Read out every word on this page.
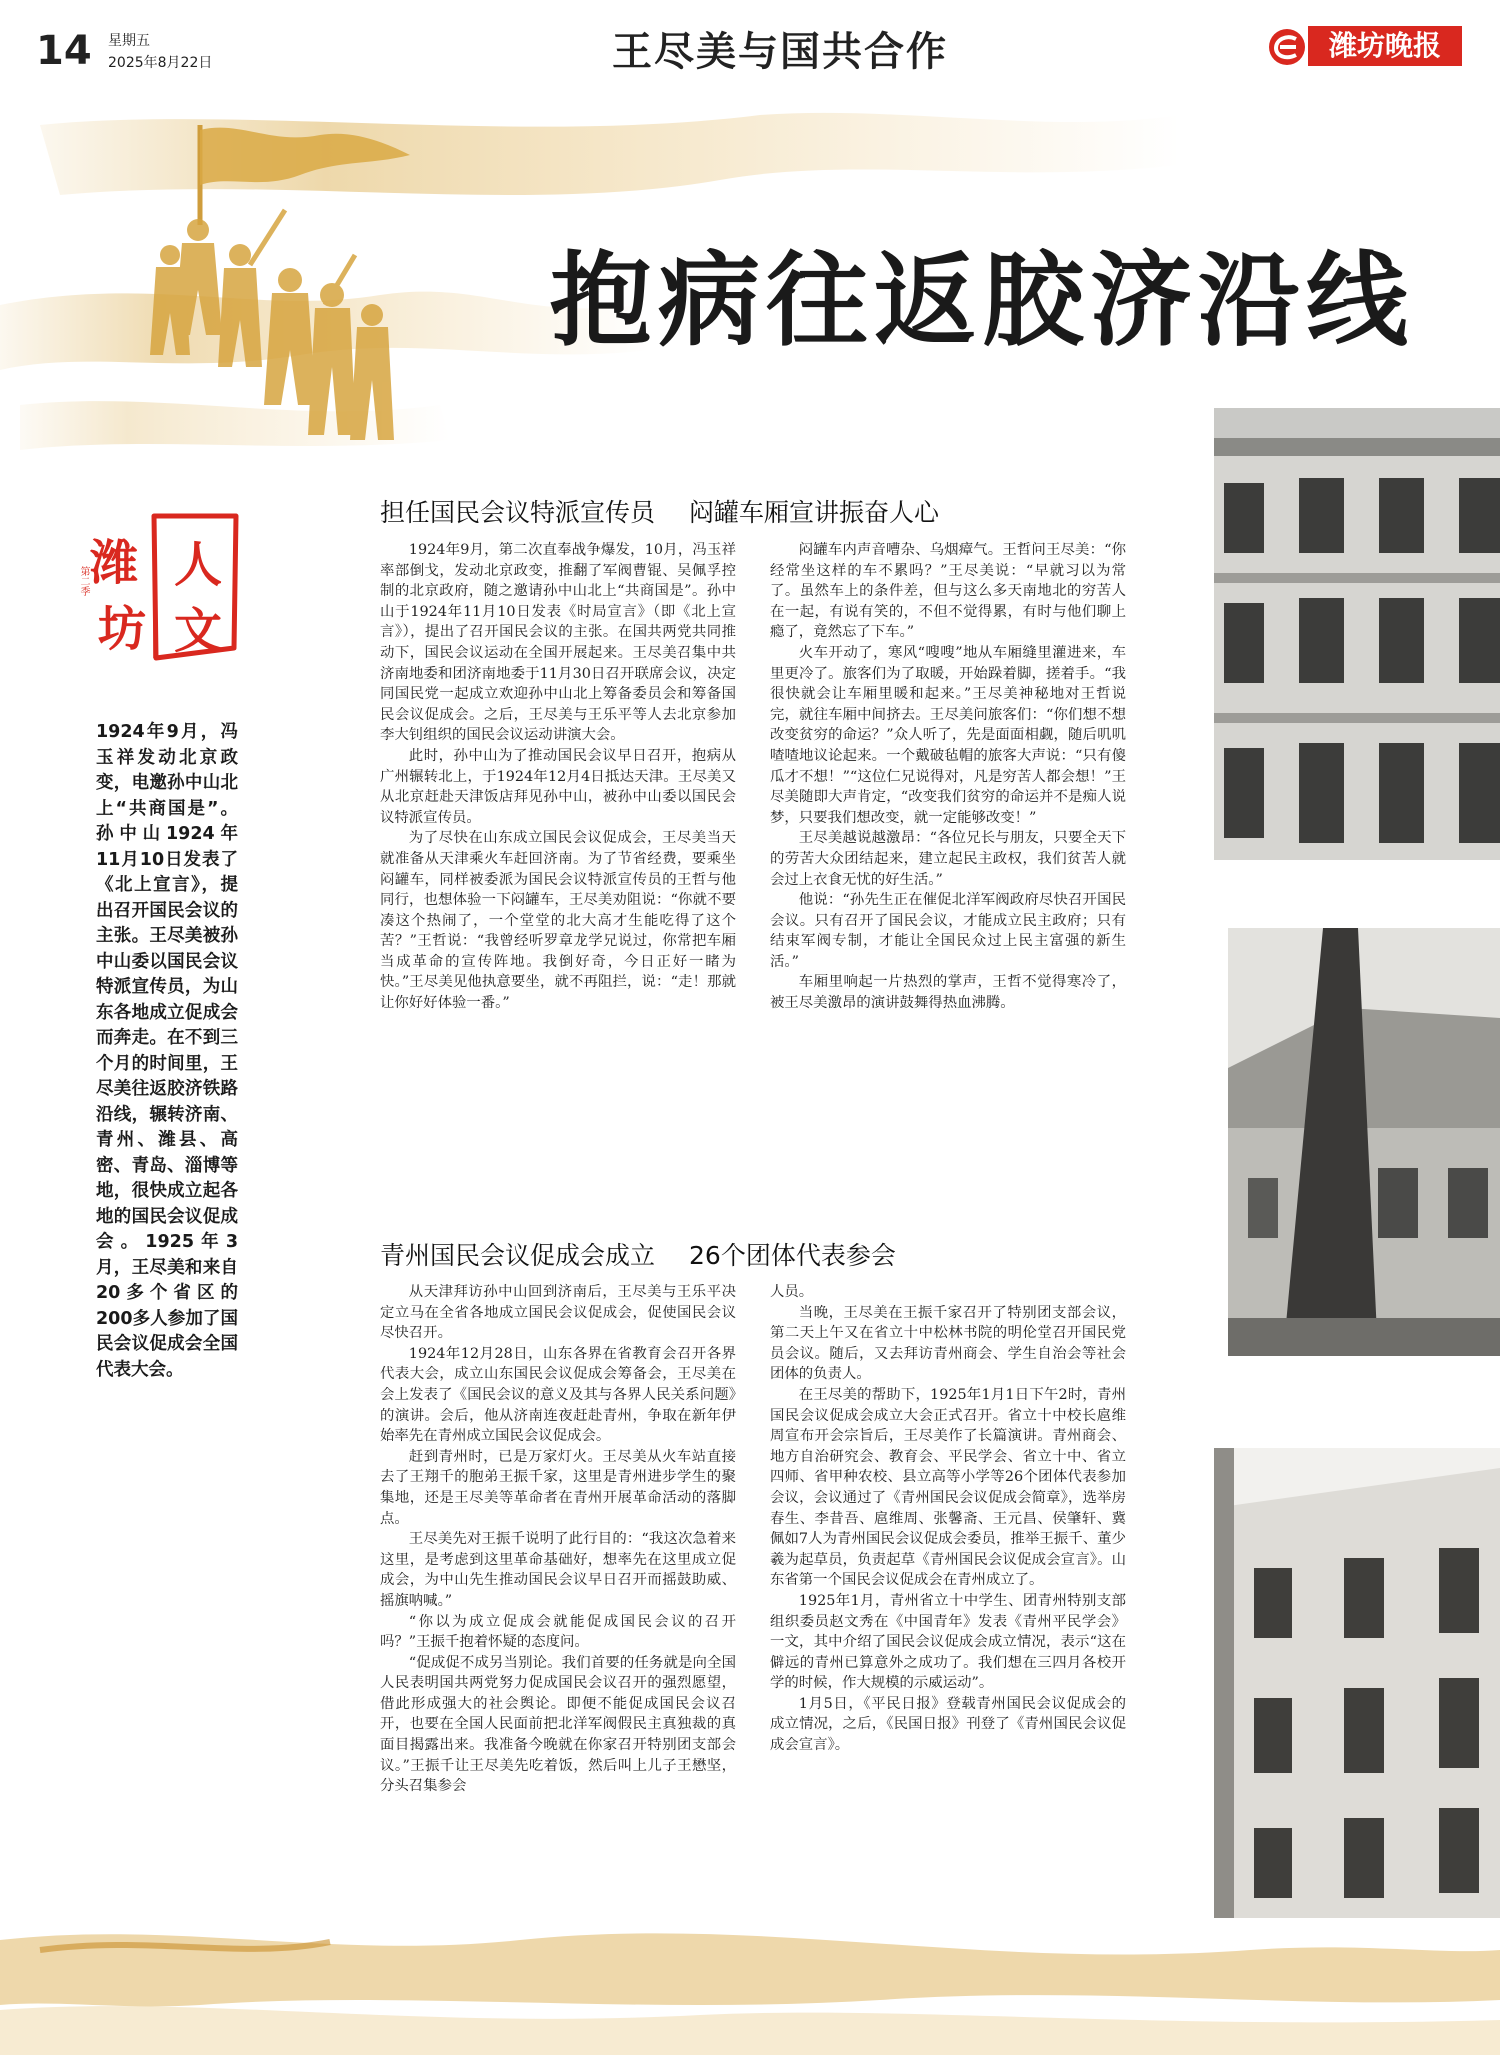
14 星期五
2025年8月22日	王尽美与国共合作	潍坊晚报
抱病往返胶济沿线
潍
坊
人
文
第二季
1924年9月，冯玉祥发动北京政变，电邀孙中山北上“共商国是”。孙中山1924年11月10日发表了《北上宣言》，提出召开国民会议的主张。王尽美被孙中山委以国民会议特派宣传员，为山东各地成立促成会而奔走。在不到三个月的时间里，王尽美往返胶济铁路沿线，辗转济南、青州、潍县、高密、青岛、淄博等地，很快成立起各地的国民会议促成会。1925年3月，王尽美和来自20多个省区的200多人参加了国民会议促成会全国代表大会。
担任国民会议特派宣传员 闷罐车厢宣讲振奋人心

1924年9月，第二次直奉战争爆发，10月，冯玉祥率部倒戈，发动北京政变，推翻了军阀曹锟、吴佩孚控制的北京政府，随之邀请孙中山北上“共商国是”。孙中山于1924年11月10日发表《时局宣言》（即《北上宣言》），提出了召开国民会议的主张。在国共两党共同推动下，国民会议运动在全国开展起来。王尽美召集中共济南地委和团济南地委于11月30日召开联席会议，决定同国民党一起成立欢迎孙中山北上筹备委员会和筹备国民会议促成会。之后，王尽美与王乐平等人去北京参加李大钊组织的国民会议运动讲演大会。

此时，孙中山为了推动国民会议早日召开，抱病从广州辗转北上，于1924年12月4日抵达天津。王尽美又从北京赶赴天津饭店拜见孙中山，被孙中山委以国民会议特派宣传员。

为了尽快在山东成立国民会议促成会，王尽美当天就准备从天津乘火车赶回济南。为了节省经费，要乘坐闷罐车，同样被委派为国民会议特派宣传员的王哲与他同行，也想体验一下闷罐车，王尽美劝阻说：“你就不要凑这个热闹了，一个堂堂的北大高才生能吃得了这个苦？”王哲说：“我曾经听罗章龙学兄说过，你常把车厢当成革命的宣传阵地。我倒好奇，今日正好一睹为快。”王尽美见他执意要坐，就不再阻拦，说：“走！那就让你好好体验一番。”

闷罐车内声音嘈杂、乌烟瘴气。王哲问王尽美：“你经常坐这样的车不累吗？”王尽美说：“早就习以为常了。虽然车上的条件差，但与这么多天南地北的穷苦人在一起，有说有笑的，不但不觉得累，有时与他们聊上瘾了，竟然忘了下车。”

火车开动了，寒风“嗖嗖”地从车厢缝里灌进来，车里更冷了。旅客们为了取暖，开始跺着脚，搓着手。“我很快就会让车厢里暖和起来。”王尽美神秘地对王哲说完，就往车厢中间挤去。王尽美问旅客们：“你们想不想改变贫穷的命运？”众人听了，先是面面相觑，随后叽叽喳喳地议论起来。一个戴破毡帽的旅客大声说：“只有傻瓜才不想！”“这位仁兄说得对，凡是穷苦人都会想！”王尽美随即大声肯定，“改变我们贫穷的命运并不是痴人说梦，只要我们想改变，就一定能够改变！”

王尽美越说越激昂：“各位兄长与朋友，只要全天下的劳苦大众团结起来，建立起民主政权，我们贫苦人就会过上衣食无忧的好生活。”

他说：“孙先生正在催促北洋军阀政府尽快召开国民会议。只有召开了国民会议，才能成立民主政府；只有结束军阀专制，才能让全国民众过上民主富强的新生活。”

车厢里响起一片热烈的掌声，王哲不觉得寒冷了，被王尽美激昂的演讲鼓舞得热血沸腾。

青州国民会议促成会成立 26个团体代表参会

从天津拜访孙中山回到济南后，王尽美与王乐平决定立马在全省各地成立国民会议促成会，促使国民会议尽快召开。

1924年12月28日，山东各界在省教育会召开各界代表大会，成立山东国民会议促成会筹备会，王尽美在会上发表了《国民会议的意义及其与各界人民关系问题》的演讲。会后，他从济南连夜赶赴青州，争取在新年伊始率先在青州成立国民会议促成会。

赶到青州时，已是万家灯火。王尽美从火车站直接去了王翔千的胞弟王振千家，这里是青州进步学生的聚集地，还是王尽美等革命者在青州开展革命活动的落脚点。

王尽美先对王振千说明了此行目的：“我这次急着来这里，是考虑到这里革命基础好，想率先在这里成立促成会，为中山先生推动国民会议早日召开而摇鼓助威、摇旗呐喊。”

“你以为成立促成会就能促成国民会议的召开吗？”王振千抱着怀疑的态度问。

“促成促不成另当别论。我们首要的任务就是向全国人民表明国共两党努力促成国民会议召开的强烈愿望，借此形成强大的社会舆论。即便不能促成国民会议召开，也要在全国人民面前把北洋军阀假民主真独裁的真面目揭露出来。我准备今晚就在你家召开特别团支部会议。”王振千让王尽美先吃着饭，然后叫上儿子王懋坚，分头召集参会

人员。

当晚，王尽美在王振千家召开了特别团支部会议，第二天上午又在省立十中松林书院的明伦堂召开国民党员会议。随后，又去拜访青州商会、学生自治会等社会团体的负责人。

在王尽美的帮助下，1925年1月1日下午2时，青州国民会议促成会成立大会正式召开。省立十中校长扈维周宣布开会宗旨后，王尽美作了长篇演讲。青州商会、地方自治研究会、教育会、平民学会、省立十中、省立四师、省甲种农校、县立高等小学等26个团体代表参加会议，会议通过了《青州国民会议促成会简章》，选举房春生、李昔吾、扈维周、张馨斋、王元昌、侯肇轩、冀佩如7人为青州国民会议促成会委员，推举王振千、董少羲为起草员，负责起草《青州国民会议促成会宣言》。山东省第一个国民会议促成会在青州成立了。

1925年1月，青州省立十中学生、团青州特别支部组织委员赵文秀在《中国青年》发表《青州平民学会》一文，其中介绍了国民会议促成会成立情况，表示“这在僻远的青州已算意外之成功了。我们想在三四月各校开学的时候，作大规模的示威运动”。

1月5日，《平民日报》登载青州国民会议促成会的成立情况，之后，《民国日报》刊登了《青州国民会议促成会宣言》。
